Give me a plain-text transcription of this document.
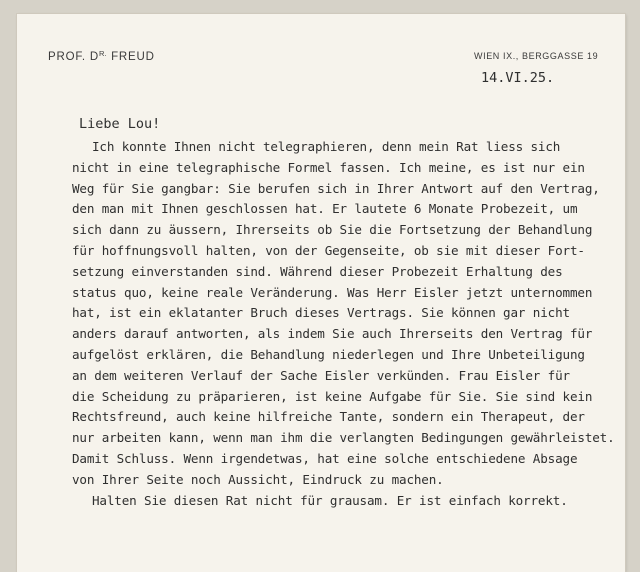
PROF. $D^{R.}$ FREUD	WIEN IX., BERGGASSE 19
14.VI.25.
Liebe Lou!
Ich konnte Ihnen nicht telegraphieren, denn mein Rat liess sich
nicht in eine telegraphische Formel fassen. Ich meine, es ist nur ein
Weg für Sie gangbar: Sie berufen sich in Ihrer Antwort auf den Vertrag,
den man mit Ihnen geschlossen hat. Er lautete 6 Monate Probezeit, um
sich dann zu äussern, Ihrerseits ob Sie die Fortsetzung der Behandlung
für hoffnungsvoll halten, von der Gegenseite, ob sie mit dieser Fort-
setzung einverstanden sind. Während dieser Probezeit Erhaltung des
status quo, keine reale Veränderung. Was Herr Eisler jetzt unternommen
hat, ist ein eklatanter Bruch dieses Vertrags. Sie können gar nicht
anders darauf antworten, als indem Sie auch Ihrerseits den Vertrag für
aufgelöst erklären, die Behandlung niederlegen und Ihre Unbeteiligung
an dem weiteren Verlauf der Sache Eisler verkünden. Frau Eisler für
die Scheidung zu präparieren, ist keine Aufgabe für Sie. Sie sind kein
Rechtsfreund, auch keine hilfreiche Tante, sondern ein Therapeut, der
nur arbeiten kann, wenn man ihm die verlangten Bedingungen gewährleistet.
Damit Schluss. Wenn irgendetwas, hat eine solche entschiedene Absage
von Ihrer Seite noch Aussicht, Eindruck zu machen.
Halten Sie diesen Rat nicht für grausam. Er ist einfach korrekt.
